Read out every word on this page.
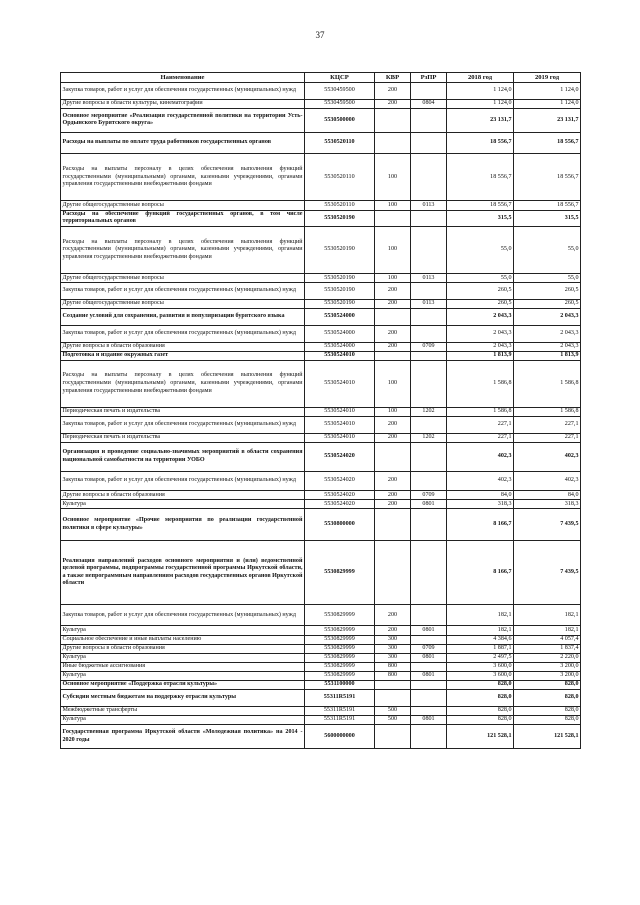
37
Наименование	КЦСР	КВР	РзПР	2018 год	2019 год
Закупка товаров, работ и услуг для обеспечения государственных (муниципальных) нужд	5530459500	200		1 124,0	1 124,0
Другие вопросы в области культуры, кинематографии	5530459500	200	0804	1 124,0	1 124,0
Основное мероприятие «Реализация государственной политики на территории Усть-Ордынского Бурятского округа»	5530500000			23 131,7	23 131,7
Расходы на выплаты по оплате труда работников государственных органов	5530520110			18 556,7	18 556,7
Расходы на выплаты персоналу в целях обеспечения выполнения функций государственными (муниципальными) органами, казенными учреждениями, органами управления государственными внебюджетными фондами	5530520110	100		18 556,7	18 556,7
Другие общегосударственные вопросы	5530520110	100	0113	18 556,7	18 556,7
Расходы на обеспечение функций государственных органов, в том числе территориальных органов	5530520190			315,5	315,5
Расходы на выплаты персоналу в целях обеспечения выполнения функций государственными (муниципальными) органами, казенными учреждениями, органами управления государственными внебюджетными фондами	5530520190	100		55,0	55,0
Другие общегосударственные вопросы	5530520190	100	0113	55,0	55,0
Закупка товаров, работ и услуг для обеспечения государственных (муниципальных) нужд	5530520190	200		260,5	260,5
Другие общегосударственные вопросы	5530520190	200	0113	260,5	260,5
Создание условий для сохранения, развития и популяризации бурятского языка	5530524000			2 043,3	2 043,3
Закупка товаров, работ и услуг для обеспечения государственных (муниципальных) нужд	5530524000	200		2 043,3	2 043,3
Другие вопросы в области образования	5530524000	200	0709	2 043,3	2 043,3
Подготовка и издание окружных газет	5530524010			1 813,9	1 813,9
Расходы на выплаты персоналу в целях обеспечения выполнения функций государственными (муниципальными) органами, казенными учреждениями, органами управления государственными внебюджетными фондами	5530524010	100		1 586,8	1 586,8
Периодическая печать и издательства	5530524010	100	1202	1 586,8	1 586,8
Закупка товаров, работ и услуг для обеспечения государственных (муниципальных) нужд	5530524010	200		227,1	227,1
Периодическая печать и издательства	5530524010	200	1202	227,1	227,1
Организация и проведение социально-значимых мероприятий в области сохранения национальной самобытности на территории УОБО	5530524020			402,3	402,3
Закупка товаров, работ и услуг для обеспечения государственных (муниципальных) нужд	5530524020	200		402,3	402,3
Другие вопросы в области образования	5530524020	200	0709	84,0	84,0
Культура	5530524020	200	0801	318,3	318,3
Основное мероприятие «Прочие мероприятия по реализации государственной политики в сфере культуры»	5530800000			8 166,7	7 439,5
Реализация направлений расходов основного мероприятия и (или) ведомственной целевой программы, подпрограммы государственной программы Иркутской области, а также непрограммным направлениям расходов государственных органов Иркутской области	5530829999			8 166,7	7 439,5
Закупка товаров, работ и услуг для обеспечения государственных (муниципальных) нужд	5530829999	200		182,1	182,1
Культура	5530829999	200	0801	182,1	182,1
Социальное обеспечение и иные выплаты населению	5530829999	300		4 384,6	4 057,4
Другие вопросы в области образования	5530829999	300	0709	1 887,1	1 837,4
Культура	5530829999	300	0801	2 497,5	2 220,0
Иные бюджетные ассигнования	5530829999	800		3 600,0	3 200,0
Культура	5530829999	800	0801	3 600,0	3 200,0
Основное мероприятие «Поддержка отрасли культуры»	5531100000			828,0	828,0
Субсидии местным бюджетам на поддержку отрасли культуры	55311R5191			828,0	828,0
Межбюджетные трансферты	55311R5191	500		828,0	828,0
Культура	55311R5191	500	0801	828,0	828,0
Государственная программа Иркутской области «Молодежная политика» на 2014 - 2020 годы	5600000000			121 528,1	121 528,1
